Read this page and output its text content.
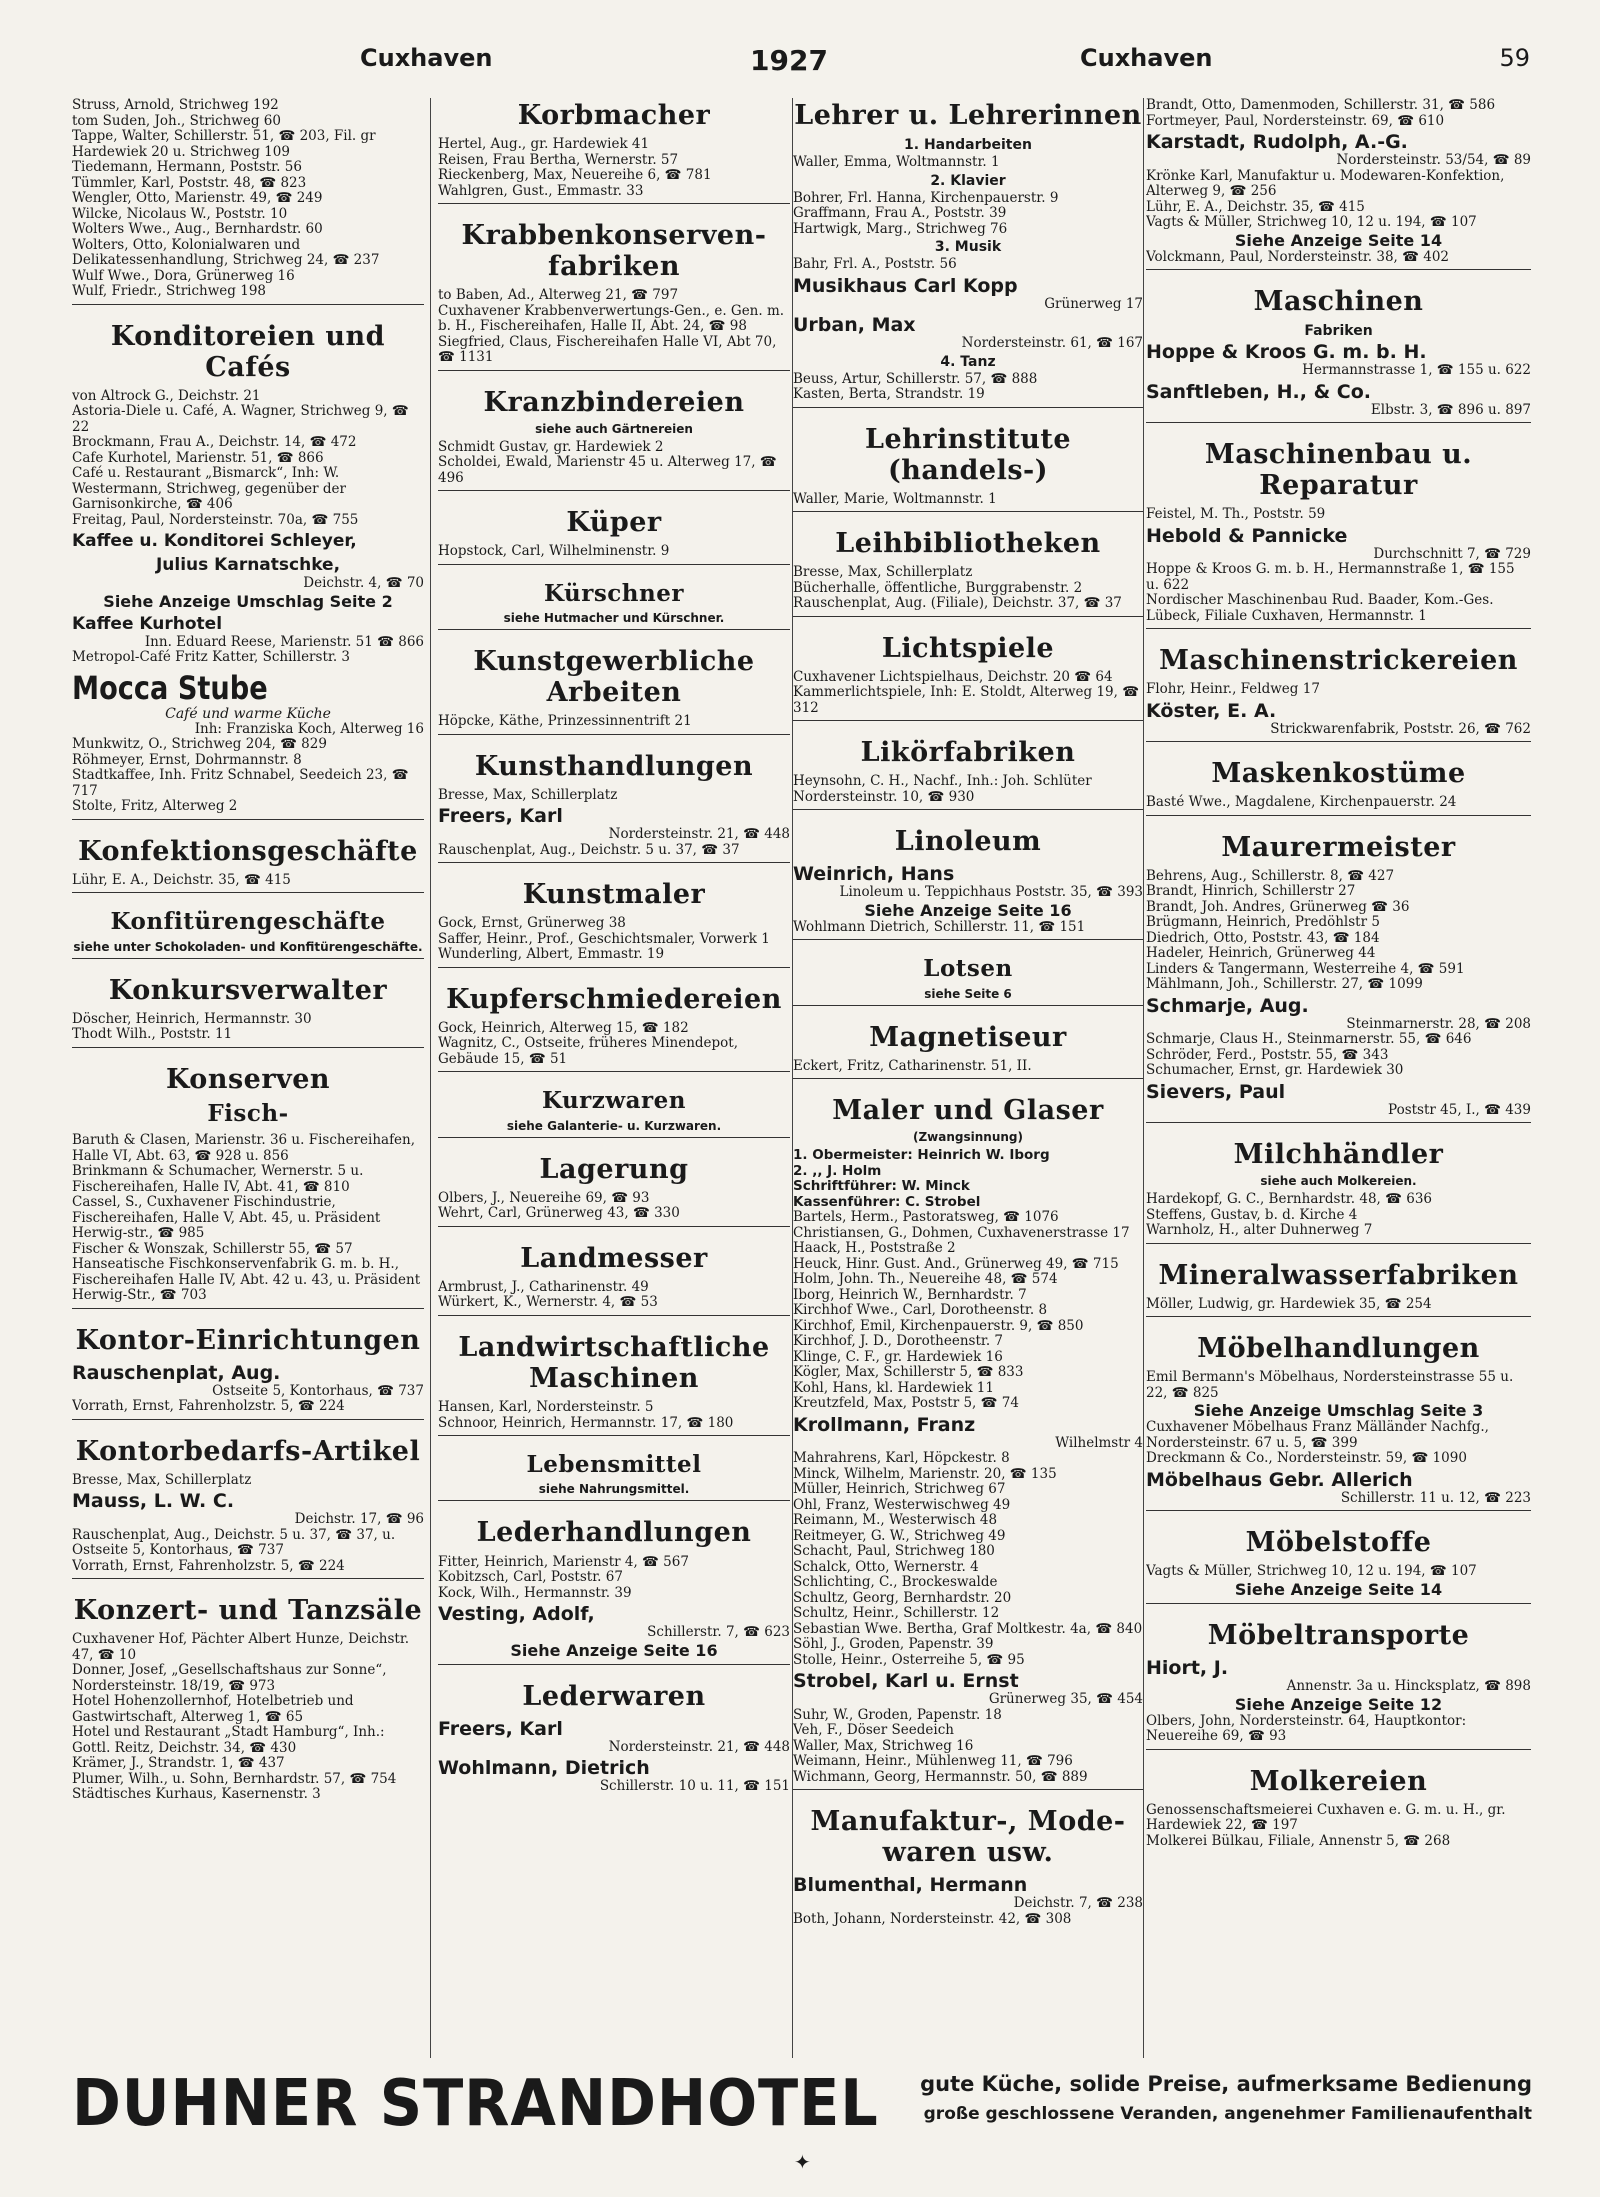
Cuxhaven	1927	Cuxhaven	59

Struss, Arnold, Strichweg 192

tom Suden, Joh., Strichweg 60

Tappe, Walter, Schillerstr. 51, ☎ 203, Fil. gr Hardewiek 20 u. Strichweg 109

Tiedemann, Hermann, Poststr. 56

Tümmler, Karl, Poststr. 48, ☎ 823

Wengler, Otto, Marienstr. 49, ☎ 249

Wilcke, Nicolaus W., Poststr. 10

Wolters Wwe., Aug., Bernhardstr. 60

Wolters, Otto, Kolonialwaren und Delikatessenhandlung, Strichweg 24, ☎ 237

Wulf Wwe., Dora, Grünerweg 16

Wulf, Friedr., Strichweg 198

Konditoreien und Cafés

von Altrock G., Deichstr. 21

Astoria-Diele u. Café, A. Wagner, Strichweg 9, ☎ 22

Brockmann, Frau A., Deichstr. 14, ☎ 472

Cafe Kurhotel, Marienstr. 51, ☎ 866

Café u. Restaurant „Bismarck“, Inh: W. Westermann, Strichweg, gegenüber der Garnisonkirche, ☎ 406

Freitag, Paul, Nordersteinstr. 70a, ☎ 755

Kaffee u. Konditorei Schleyer,

Julius Karnatschke,

Deichstr. 4, ☎ 70

Siehe Anzeige Umschlag Seite 2

Kaffee Kurhotel

Inn. Eduard Reese, Marienstr. 51 ☎ 866

Metropol-Café Fritz Katter, Schillerstr. 3

Mocca Stube

Café und warme Küche

Inh: Franziska Koch, Alterweg 16

Munkwitz, O., Strichweg 204, ☎ 829

Röhmeyer, Ernst, Dohrmannstr. 8

Stadtkaffee, Inh. Fritz Schnabel, Seedeich 23, ☎ 717

Stolte, Fritz, Alterweg 2

Konfektionsgeschäfte

Lühr, E. A., Deichstr. 35, ☎ 415

Konfitürengeschäfte
siehe unter Schokoladen- und Konfitürengeschäfte.
Konkursverwalter

Döscher, Heinrich, Hermannstr. 30

Thodt Wilh., Poststr. 11

Konserven
Fisch-

Baruth & Clasen, Marienstr. 36 u. Fischereihafen, Halle VI, Abt. 63, ☎ 928 u. 856

Brinkmann & Schumacher, Wernerstr. 5 u. Fischereihafen, Halle IV, Abt. 41, ☎ 810

Cassel, S., Cuxhavener Fischindustrie, Fischereihafen, Halle V, Abt. 45, u. Präsident Herwig-str., ☎ 985

Fischer & Wonszak, Schillerstr 55, ☎ 57

Hanseatische Fischkonservenfabrik G. m. b. H., Fischereihafen Halle IV, Abt. 42 u. 43, u. Präsident Herwig-Str., ☎ 703

Kontor-Einrichtungen

Rauschenplat, Aug.

Ostseite 5, Kontorhaus, ☎ 737

Vorrath, Ernst, Fahrenholzstr. 5, ☎ 224

Kontorbedarfs-Artikel

Bresse, Max, Schillerplatz

Mauss, L. W. C.

Deichstr. 17, ☎ 96

Rauschenplat, Aug., Deichstr. 5 u. 37, ☎ 37, u. Ostseite 5, Kontorhaus, ☎ 737

Vorrath, Ernst, Fahrenholzstr. 5, ☎ 224

Konzert- und Tanzsäle

Cuxhavener Hof, Pächter Albert Hunze, Deichstr. 47, ☎ 10

Donner, Josef, „Gesellschaftshaus zur Sonne“, Nordersteinstr. 18/19, ☎ 973

Hotel Hohenzollernhof, Hotelbetrieb und Gastwirtschaft, Alterweg 1, ☎ 65

Hotel und Restaurant „Stadt Hamburg“, Inh.: Gottl. Reitz, Deichstr. 34, ☎ 430

Krämer, J., Strandstr. 1, ☎ 437

Plumer, Wilh., u. Sohn, Bernhardstr. 57, ☎ 754

Städtisches Kurhaus, Kasernenstr. 3

Korbmacher

Hertel, Aug., gr. Hardewiek 41

Reisen, Frau Bertha, Wernerstr. 57

Rieckenberg, Max, Neuereihe 6, ☎ 781

Wahlgren, Gust., Emmastr. 33

Krabbenkonserven-fabriken

to Baben, Ad., Alterweg 21, ☎ 797

Cuxhavener Krabbenverwertungs-Gen., e. Gen. m. b. H., Fischereihafen, Halle II, Abt. 24, ☎ 98

Siegfried, Claus, Fischereihafen Halle VI, Abt 70, ☎ 1131

Kranzbindereien
siehe auch Gärtnereien

Schmidt Gustav, gr. Hardewiek 2

Scholdei, Ewald, Marienstr 45 u. Alterweg 17, ☎ 496

Küper

Hopstock, Carl, Wilhelminenstr. 9

Kürschner
siehe Hutmacher und Kürschner.
Kunstgewerbliche Arbeiten

Höpcke, Käthe, Prinzessinnentrift 21

Kunsthandlungen

Bresse, Max, Schillerplatz

Freers, Karl

Nordersteinstr. 21, ☎ 448

Rauschenplat, Aug., Deichstr. 5 u. 37, ☎ 37

Kunstmaler

Gock, Ernst, Grünerweg 38

Saffer, Heinr., Prof., Geschichtsmaler, Vorwerk 1

Wunderling, Albert, Emmastr. 19

Kupferschmiedereien

Gock, Heinrich, Alterweg 15, ☎ 182

Wagnitz, C., Ostseite, früheres Minendepot, Gebäude 15, ☎ 51

Kurzwaren
siehe Galanterie- u. Kurzwaren.
Lagerung

Olbers, J., Neuereihe 69, ☎ 93

Wehrt, Carl, Grünerweg 43, ☎ 330

Landmesser

Armbrust, J., Catharinenstr. 49

Würkert, K., Wernerstr. 4, ☎ 53

Landwirtschaftliche Maschinen

Hansen, Karl, Nordersteinstr. 5

Schnoor, Heinrich, Hermannstr. 17, ☎ 180

Lebensmittel
siehe Nahrungsmittel.
Lederhandlungen

Fitter, Heinrich, Marienstr 4, ☎ 567

Kobitzsch, Carl, Poststr. 67

Kock, Wilh., Hermannstr. 39

Vesting, Adolf,

Schillerstr. 7, ☎ 623

Siehe Anzeige Seite 16

Lederwaren

Freers, Karl

Nordersteinstr. 21, ☎ 448

Wohlmann, Dietrich

Schillerstr. 10 u. 11, ☎ 151

Lehrer u. Lehrerinnen
1. Handarbeiten

Waller, Emma, Woltmannstr. 1

2. Klavier

Bohrer, Frl. Hanna, Kirchenpauerstr. 9

Graffmann, Frau A., Poststr. 39

Hartwigk, Marg., Strichweg 76

3. Musik

Bahr, Frl. A., Poststr. 56

Musikhaus Carl Kopp

Grünerweg 17

Urban, Max

Nordersteinstr. 61, ☎ 167

4. Tanz

Beuss, Artur, Schillerstr. 57, ☎ 888

Kasten, Berta, Strandstr. 19

Lehrinstitute (handels-)

Waller, Marie, Woltmannstr. 1

Leihbibliotheken

Bresse, Max, Schillerplatz

Bücherhalle, öffentliche, Burggrabenstr. 2

Rauschenplat, Aug. (Filiale), Deichstr. 37, ☎ 37

Lichtspiele

Cuxhavener Lichtspielhaus, Deichstr. 20 ☎ 64

Kammerlichtspiele, Inh: E. Stoldt, Alterweg 19, ☎ 312

Likörfabriken

Heynsohn, C. H., Nachf., Inh.: Joh. Schlüter Nordersteinstr. 10, ☎ 930

Linoleum

Weinrich, Hans

Linoleum u. Teppichhaus Poststr. 35, ☎ 393

Siehe Anzeige Seite 16

Wohlmann Dietrich, Schillerstr. 11, ☎ 151

Lotsen
siehe Seite 6
Magnetiseur

Eckert, Fritz, Catharinenstr. 51, II.

Maler und Glaser
(Zwangsinnung)

1. Obermeister: Heinrich W. Iborg

2. ,, J. Holm

Schriftführer: W. Minck

Kassenführer: C. Strobel

Bartels, Herm., Pastoratsweg, ☎ 1076

Christiansen, G., Dohmen, Cuxhavenerstrasse 17

Haack, H., Poststraße 2

Heuck, Hinr. Gust. And., Grünerweg 49, ☎ 715

Holm, John. Th., Neuereihe 48, ☎ 574

Iborg, Heinrich W., Bernhardstr. 7

Kirchhof Wwe., Carl, Dorotheenstr. 8

Kirchhof, Emil, Kirchenpauerstr. 9, ☎ 850

Kirchhof, J. D., Dorotheenstr. 7

Klinge, C. F., gr. Hardewiek 16

Kögler, Max, Schillerstr 5, ☎ 833

Kohl, Hans, kl. Hardewiek 11

Kreutzfeld, Max, Poststr 5, ☎ 74

Krollmann, Franz

Wilhelmstr 4

Mahrahrens, Karl, Höpckestr. 8

Minck, Wilhelm, Marienstr. 20, ☎ 135

Müller, Heinrich, Strichweg 67

Ohl, Franz, Westerwischweg 49

Reimann, M., Westerwisch 48

Reitmeyer, G. W., Strichweg 49

Schacht, Paul, Strichweg 180

Schalck, Otto, Wernerstr. 4

Schlichting, C., Brockeswalde

Schultz, Georg, Bernhardstr. 20

Schultz, Heinr., Schillerstr. 12

Sebastian Wwe. Bertha, Graf Moltkestr. 4a, ☎ 840

Söhl, J., Groden, Papenstr. 39

Stolle, Heinr., Osterreihe 5, ☎ 95

Strobel, Karl u. Ernst

Grünerweg 35, ☎ 454

Suhr, W., Groden, Papenstr. 18

Veh, F., Döser Seedeich

Waller, Max, Strichweg 16

Weimann, Heinr., Mühlenweg 11, ☎ 796

Wichmann, Georg, Hermannstr. 50, ☎ 889

Manufaktur-, Mode-waren usw.

Blumenthal, Hermann

Deichstr. 7, ☎ 238

Both, Johann, Nordersteinstr. 42, ☎ 308

Brandt, Otto, Damenmoden, Schillerstr. 31, ☎ 586

Fortmeyer, Paul, Nordersteinstr. 69, ☎ 610

Karstadt, Rudolph, A.-G.

Nordersteinstr. 53/54, ☎ 89

Krönke Karl, Manufaktur u. Modewaren-Konfektion, Alterweg 9, ☎ 256

Lühr, E. A., Deichstr. 35, ☎ 415

Vagts & Müller, Strichweg 10, 12 u. 194, ☎ 107

Siehe Anzeige Seite 14

Volckmann, Paul, Nordersteinstr. 38, ☎ 402

Maschinen
Fabriken

Hoppe & Kroos G. m. b. H.

Hermannstrasse 1, ☎ 155 u. 622

Sanftleben, H., & Co.

Elbstr. 3, ☎ 896 u. 897

Maschinenbau u. Reparatur

Feistel, M. Th., Poststr. 59

Hebold & Pannicke

Durchschnitt 7, ☎ 729

Hoppe & Kroos G. m. b. H., Hermannstraße 1, ☎ 155 u. 622

Nordischer Maschinenbau Rud. Baader, Kom.-Ges. Lübeck, Filiale Cuxhaven, Hermannstr. 1

Maschinenstrickereien

Flohr, Heinr., Feldweg 17

Köster, E. A.

Strickwarenfabrik, Poststr. 26, ☎ 762

Maskenkostüme

Basté Wwe., Magdalene, Kirchenpauerstr. 24

Maurermeister

Behrens, Aug., Schillerstr. 8, ☎ 427

Brandt, Hinrich, Schillerstr 27

Brandt, Joh. Andres, Grünerweg ☎ 36

Brügmann, Heinrich, Predöhlstr 5

Diedrich, Otto, Poststr. 43, ☎ 184

Hadeler, Heinrich, Grünerweg 44

Linders & Tangermann, Westerreihe 4, ☎ 591

Mählmann, Joh., Schillerstr. 27, ☎ 1099

Schmarje, Aug.

Steinmarnerstr. 28, ☎ 208

Schmarje, Claus H., Steinmarnerstr. 55, ☎ 646

Schröder, Ferd., Poststr. 55, ☎ 343

Schumacher, Ernst, gr. Hardewiek 30

Sievers, Paul

Poststr 45, I., ☎ 439

Milchhändler
siehe auch Molkereien.

Hardekopf, G. C., Bernhardstr. 48, ☎ 636

Steffens, Gustav, b. d. Kirche 4

Warnholz, H., alter Duhnerweg 7

Mineralwasserfabriken

Möller, Ludwig, gr. Hardewiek 35, ☎ 254

Möbelhandlungen

Emil Bermann's Möbelhaus, Nordersteinstrasse 55 u. 22, ☎ 825

Siehe Anzeige Umschlag Seite 3

Cuxhavener Möbelhaus Franz Mälländer Nachfg., Nordersteinstr. 67 u. 5, ☎ 399

Dreckmann & Co., Nordersteinstr. 59, ☎ 1090

Möbelhaus Gebr. Allerich

Schillerstr. 11 u. 12, ☎ 223

Möbelstoffe

Vagts & Müller, Strichweg 10, 12 u. 194, ☎ 107

Siehe Anzeige Seite 14

Möbeltransporte

Hiort, J.

Annenstr. 3a u. Hincksplatz, ☎ 898

Siehe Anzeige Seite 12

Olbers, John, Nordersteinstr. 64, Hauptkontor: Neuereihe 69, ☎ 93

Molkereien

Genossenschaftsmeierei Cuxhaven e. G. m. u. H., gr. Hardewiek 22, ☎ 197

Molkerei Bülkau, Filiale, Annenstr 5, ☎ 268

DUHNER STRANDHOTEL gute Küche, solide Preise, aufmerksame Bedienung
große geschlossene Veranden, angenehmer Familienaufenthalt
✦
